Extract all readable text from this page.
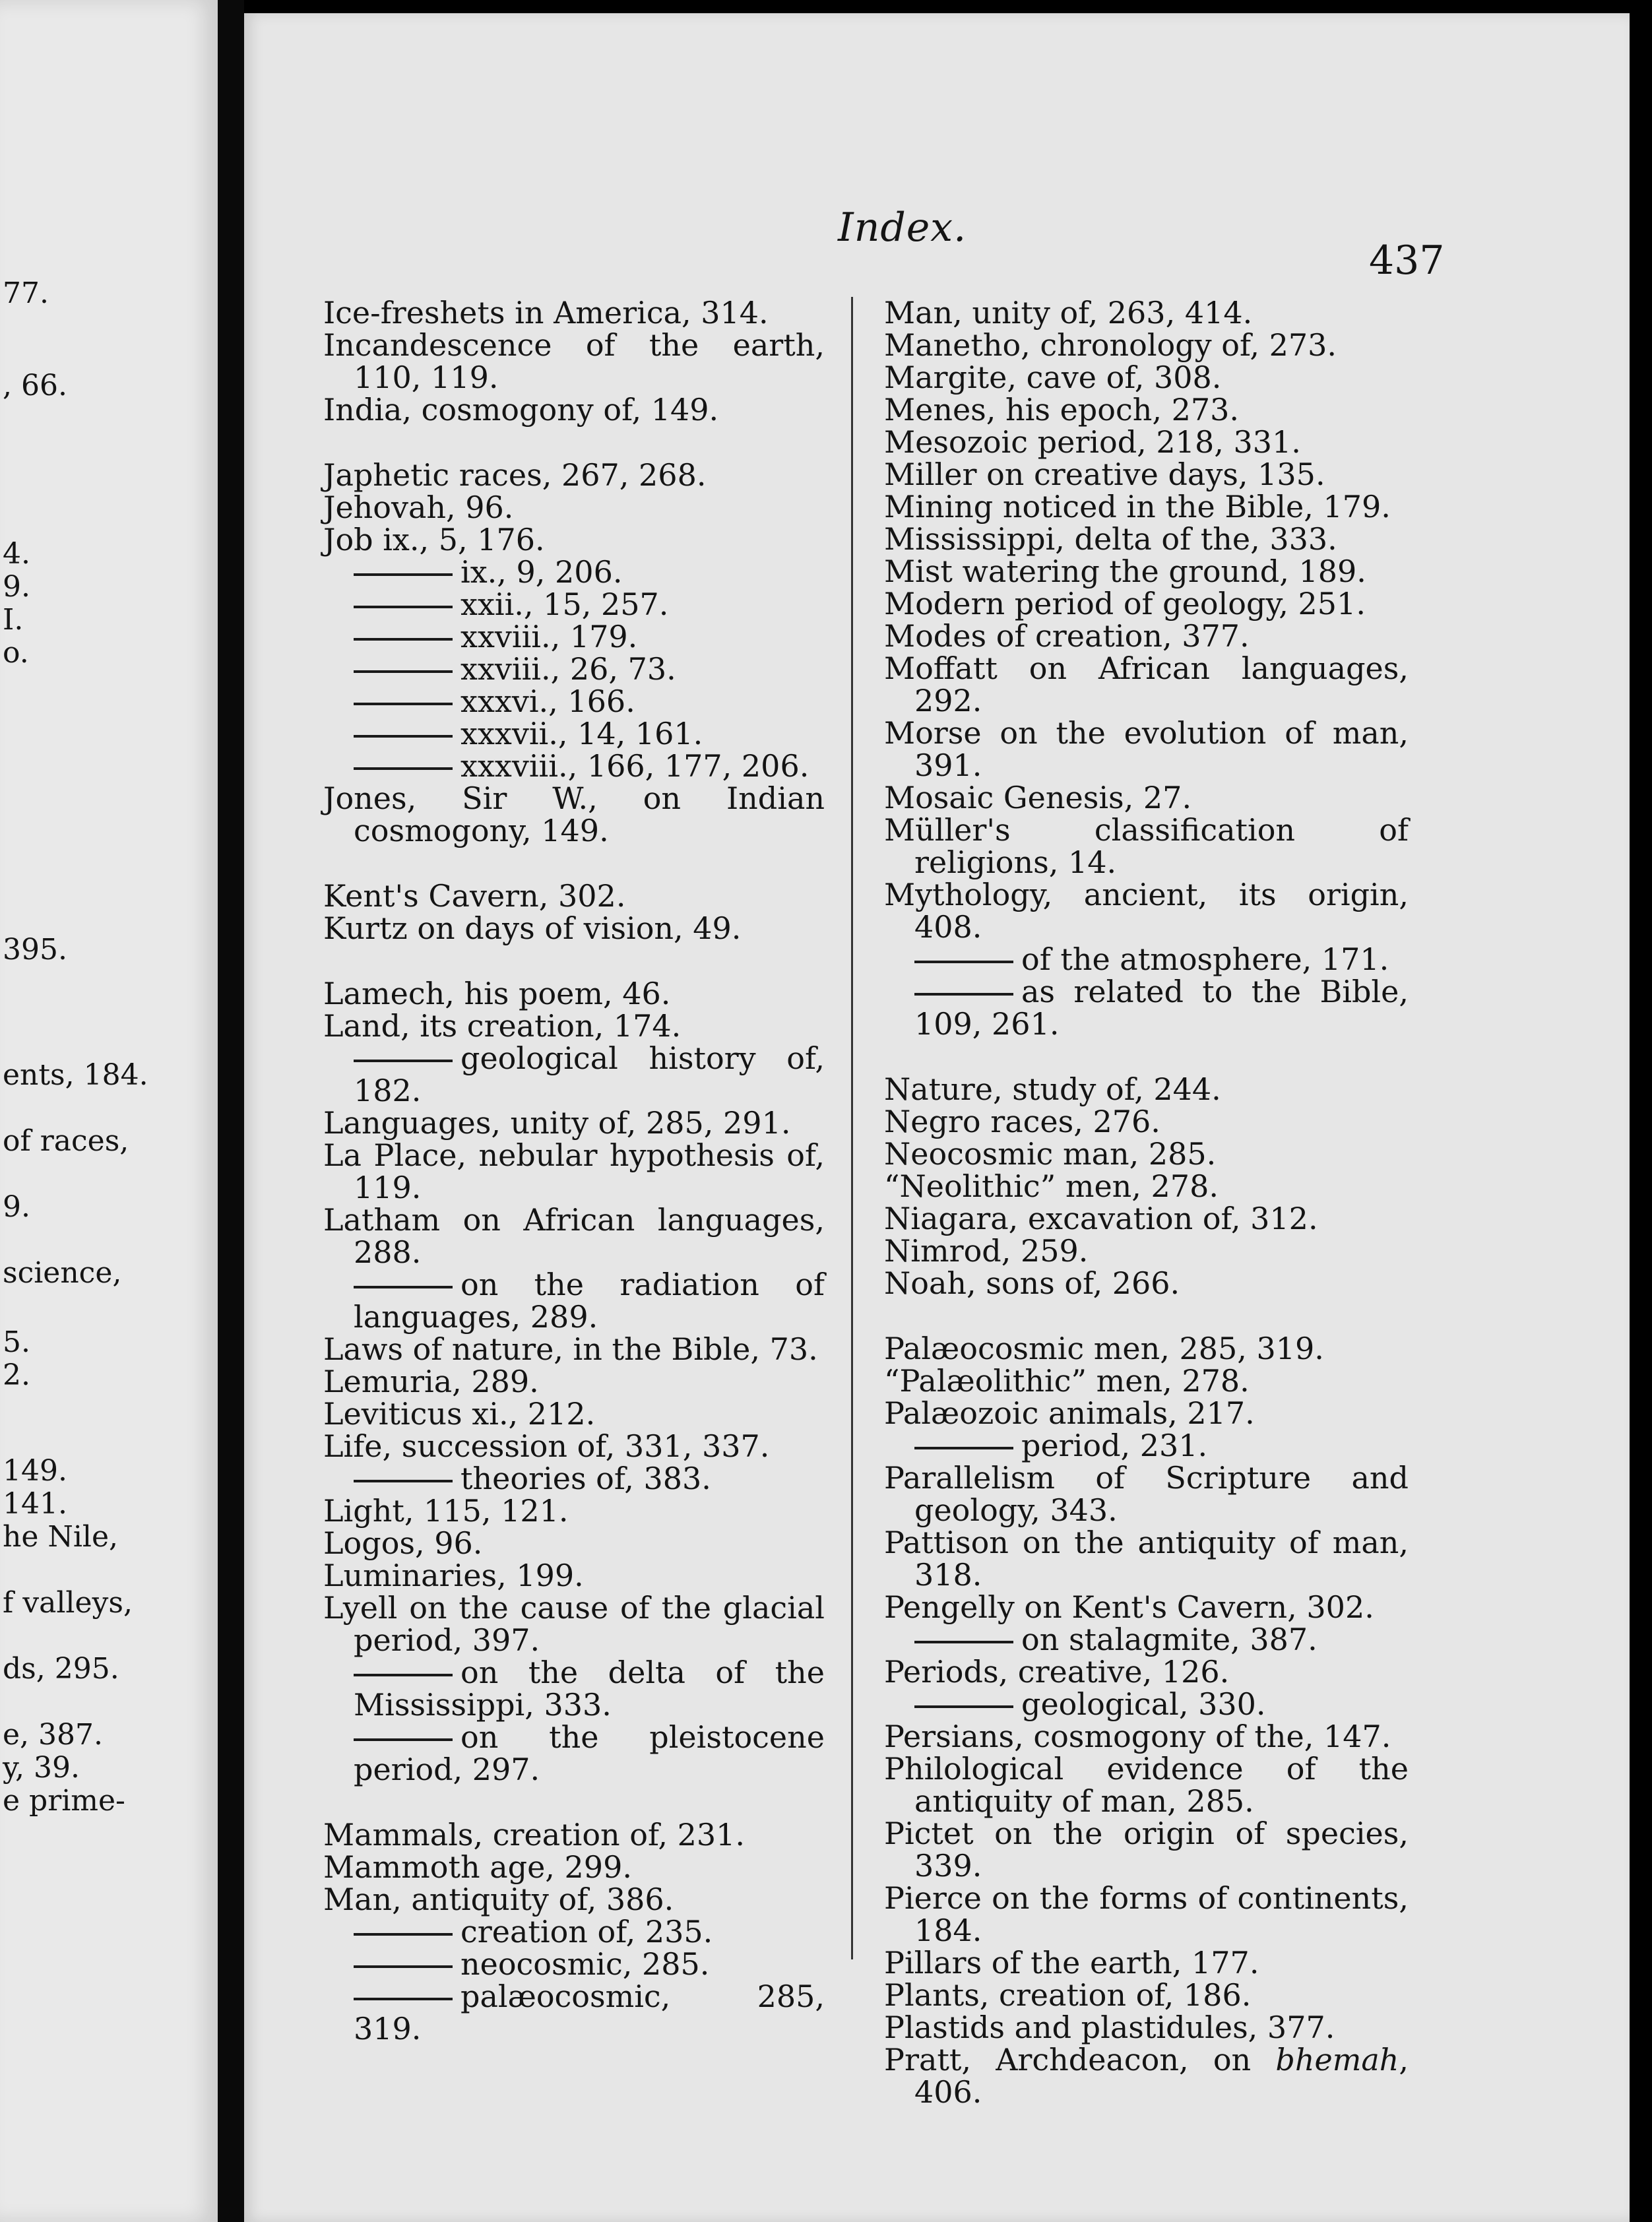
77.
, 66.
4.
9.
I.
o.
395.
ents, 184.
of races,
9.
science,
5.
2.
149.
141.
he Nile,
f valleys,
ds, 295.
e, 387.
y, 39.
e prime-
Index.
437
Ice-freshets in America, 314.
Incandescence of the earth, 110, 119.
India, cosmogony of, 149.
Japhetic races, 267, 268.
Jehovah, 96.
Job ix., 5, 176.
ix., 9, 206.
xxii., 15, 257.
xxviii., 179.
xxviii., 26, 73.
xxxvi., 166.
xxxvii., 14, 161.
xxxviii., 166, 177, 206.
Jones, Sir W., on Indian cosmogony, 149.
Kent's Cavern, 302.
Kurtz on days of vision, 49.
Lamech, his poem, 46.
Land, its creation, 174.
geological history of, 182.
Languages, unity of, 285, 291.
La Place, nebular hypothesis of, 119.
Latham on African languages, 288.
on the radiation of languages, 289.
Laws of nature, in the Bible, 73.
Lemuria, 289.
Leviticus xi., 212.
Life, succession of, 331, 337.
theories of, 383.
Light, 115, 121.
Logos, 96.
Luminaries, 199.
Lyell on the cause of the glacial period, 397.
on the delta of the Mississippi, 333.
on the pleistocene period, 297.
Mammals, creation of, 231.
Mammoth age, 299.
Man, antiquity of, 386.
creation of, 235.
neocosmic, 285.
palæocosmic, 285, 319.
Man, unity of, 263, 414.
Manetho, chronology of, 273.
Margite, cave of, 308.
Menes, his epoch, 273.
Mesozoic period, 218, 331.
Miller on creative days, 135.
Mining noticed in the Bible, 179.
Mississippi, delta of the, 333.
Mist watering the ground, 189.
Modern period of geology, 251.
Modes of creation, 377.
Moffatt on African languages, 292.
Morse on the evolution of man, 391.
Mosaic Genesis, 27.
Müller's classification of religions, 14.
Mythology, ancient, its origin, 408.
of the atmosphere, 171.
as related to the Bible, 109, 261.
Nature, study of, 244.
Negro races, 276.
Neocosmic man, 285.
“Neolithic” men, 278.
Niagara, excavation of, 312.
Nimrod, 259.
Noah, sons of, 266.
Palæocosmic men, 285, 319.
“Palæolithic” men, 278.
Palæozoic animals, 217.
period, 231.
Parallelism of Scripture and geology, 343.
Pattison on the antiquity of man, 318.
Pengelly on Kent's Cavern, 302.
on stalagmite, 387.
Periods, creative, 126.
geological, 330.
Persians, cosmogony of the, 147.
Philological evidence of the antiquity of man, 285.
Pictet on the origin of species, 339.
Pierce on the forms of continents, 184.
Pillars of the earth, 177.
Plants, creation of, 186.
Plastids and plastidules, 377.
Pratt, Archdeacon, on bhemah, 406.
